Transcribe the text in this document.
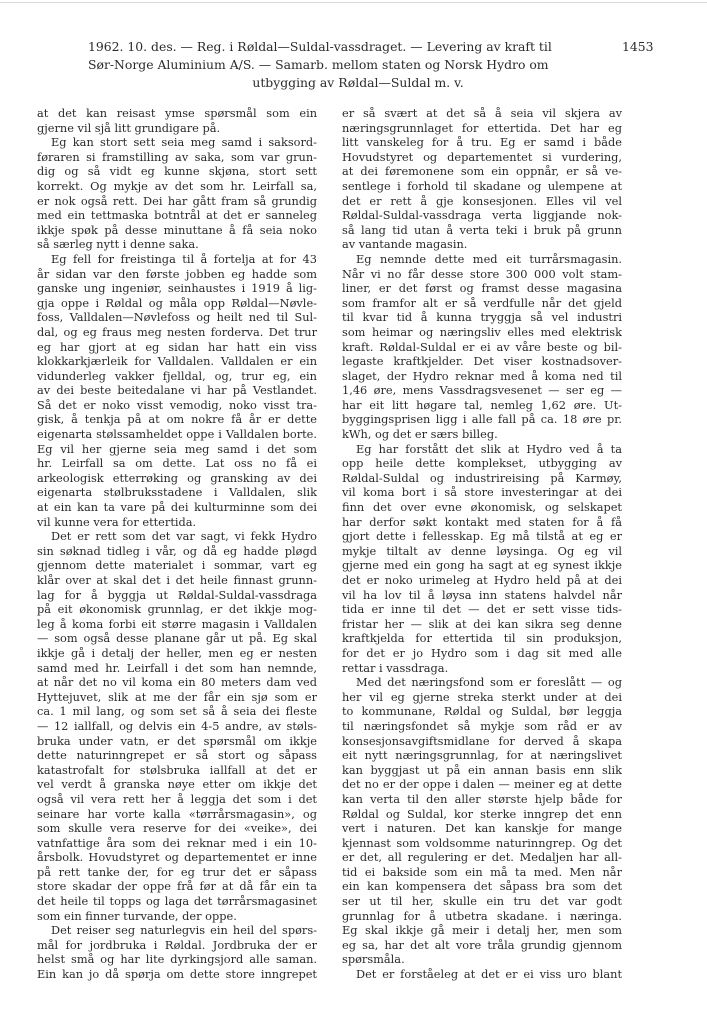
1962. 10. des. — Reg. i Røldal—Suldal-vassdraget. — Levering av kraft til
Sør-Norge Aluminium A/S. — Samarb. mellom staten og Norsk Hydro om
utbygging av Røldal—Suldal m. v.
1453
at det kan reisast ymse spørsmål som ein
gjerne vil sjå litt grundigare på.
Eg kan stort sett seia meg samd i saksord-
føraren si framstilling av saka, som var grun-
dig og så vidt eg kunne skjøna, stort sett
korrekt. Og mykje av det som hr. Leirfall sa,
er nok også rett. Dei har gått fram så grundig
med ein tettmaska botntrål at det er sanneleg
ikkje spøk på desse minuttane å få seia noko
så særleg nytt i denne saka.
Eg fell for freistinga til å fortelja at for 43
år sidan var den første jobben eg hadde som
ganske ung ingeniør, seinhaustes i 1919 å lig-
gja oppe i Røldal og måla opp Røldal—Nøvle-
foss, Valldalen—Nøvlefoss og heilt ned til Sul-
dal, og eg fraus meg nesten forderva. Det trur
eg har gjort at eg sidan har hatt ein viss
klokkarkjærleik for Valldalen. Valldalen er ein
vidunderleg vakker fjelldal, og, trur eg, ein
av dei beste beitedalane vi har på Vestlandet.
Så det er noko visst vemodig, noko visst tra-
gisk, å tenkja på at om nokre få år er dette
eigenarta stølssamheldet oppe i Valldalen borte.
Eg vil her gjerne seia meg samd i det som
hr. Leirfall sa om dette. Lat oss no få ei
arkeologisk etterrøking og gransking av dei
eigenarta stølbruksstadene i Valldalen, slik
at ein kan ta vare på dei kulturminne som dei
vil kunne vera for ettertida.
Det er rett som det var sagt, vi fekk Hydro
sin søknad tidleg i vår, og då eg hadde pløgd
gjennom dette materialet i sommar, vart eg
klår over at skal det i det heile finnast grunn-
lag for å byggja ut Røldal-Suldal-vassdraga
på eit økonomisk grunnlag, er det ikkje mog-
leg å koma forbi eit større magasin i Valldalen
— som også desse planane går ut på. Eg skal
ikkje gå i detalj der heller, men eg er nesten
samd med hr. Leirfall i det som han nemnde,
at når det no vil koma ein 80 meters dam ved
Hyttejuvet, slik at me der får ein sjø som er
ca. 1 mil lang, og som set så å seia dei fleste
— 12 iallfall, og delvis ein 4-5 andre, av støls-
bruka under vatn, er det spørsmål om ikkje
dette naturinngrepet er så stort og såpass
katastrofalt for stølsbruka iallfall at det er
vel verdt å granska nøye etter om ikkje det
også vil vera rett her å leggja det som i det
seinare har vorte kalla «tørrårsmagasin», og
som skulle vera reserve for dei «veike», dei
vatnfattige åra som dei reknar med i ein 10-
årsbolk. Hovudstyret og departementet er inne
på rett tanke der, for eg trur det er såpass
store skadar der oppe frå før at då får ein ta
det heile til topps og laga det tørrårsmagasinet
som ein finner turvande, der oppe.
Det reiser seg naturlegvis ein heil del spørs-
mål for jordbruka i Røldal. Jordbruka der er
helst små og har lite dyrkingsjord alle saman.
Ein kan jo då spørja om dette store inngrepet
er så svært at det så å seia vil skjera av
næringsgrunnlaget for ettertida. Det har eg
litt vanskeleg for å tru. Eg er samd i både
Hovudstyret og departementet si vurdering,
at dei føremonene som ein oppnår, er så ve-
sentlege i forhold til skadane og ulempene at
det er rett å gje konsesjonen. Elles vil vel
Røldal-Suldal-vassdraga verta liggjande nok-
så lang tid utan å verta teki i bruk på grunn
av vantande magasin.
Eg nemnde dette med eit turrårsmagasin.
Når vi no får desse store 300 000 volt stam-
liner, er det først og framst desse magasina
som framfor alt er så verdfulle når det gjeld
til kvar tid å kunna tryggja så vel industri
som heimar og næringsliv elles med elektrisk
kraft. Røldal-Suldal er ei av våre beste og bil-
legaste kraftkjelder. Det viser kostnadsover-
slaget, der Hydro reknar med å koma ned til
1,46 øre, mens Vassdragsvesenet — ser eg —
har eit litt høgare tal, nemleg 1,62 øre. Ut-
byggingsprisen ligg i alle fall på ca. 18 øre pr.
kWh, og det er særs billeg.
Eg har forstått det slik at Hydro ved å ta
opp heile dette komplekset, utbygging av
Røldal-Suldal og industrireising på Karmøy,
vil koma bort i så store investeringar at dei
finn det over evne økonomisk, og selskapet
har derfor søkt kontakt med staten for å få
gjort dette i fellesskap. Eg må tilstå at eg er
mykje tiltalt av denne løysinga. Og eg vil
gjerne med ein gong ha sagt at eg synest ikkje
det er noko urimeleg at Hydro held på at dei
vil ha lov til å løysa inn statens halvdel når
tida er inne til det — det er sett visse tids-
fristar her — slik at dei kan sikra seg denne
kraftkjelda for ettertida til sin produksjon,
for det er jo Hydro som i dag sit med alle
rettar i vassdraga.
Med det næringsfond som er foreslått — og
her vil eg gjerne streka sterkt under at dei
to kommunane, Røldal og Suldal, bør leggja
til næringsfondet så mykje som råd er av
konsesjonsavgiftsmidlane for derved å skapa
eit nytt næringsgrunnlag, for at næringslivet
kan byggjast ut på ein annan basis enn slik
det no er der oppe i dalen — meiner eg at dette
kan verta til den aller største hjelp både for
Røldal og Suldal, kor sterke inngrep det enn
vert i naturen. Det kan kanskje for mange
kjennast som voldsomme naturinngrep. Og det
er det, all regulering er det. Medaljen har all-
tid ei bakside som ein må ta med. Men når
ein kan kompensera det såpass bra som det
ser ut til her, skulle ein tru det var godt
grunnlag for å utbetra skadane. i næringa.
Eg skal ikkje gå meir i detalj her, men som
eg sa, har det alt vore tråla grundig gjennom
spørsmåla.
Det er forståeleg at det er ei viss uro blant
